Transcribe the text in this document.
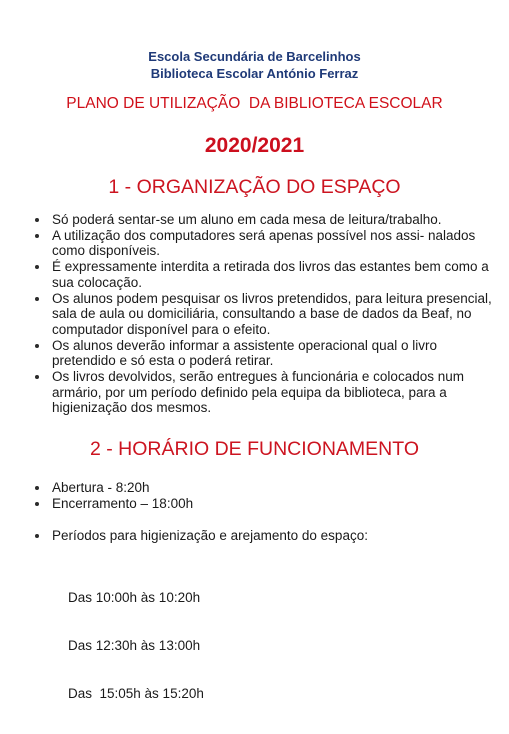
Escola Secundária de Barcelinhos
Biblioteca Escolar António Ferraz
PLANO DE UTILIZAÇÃO  DA BIBLIOTECA ESCOLAR
2020/2021
1 - ORGANIZAÇÃO DO ESPAÇO
Só poderá sentar-se um aluno em cada mesa de leitura/trabalho.
A utilização dos computadores será apenas possível nos assi- nalados como disponíveis.
É expressamente interdita a retirada dos livros das estantes bem como a sua colocação.
Os alunos podem pesquisar os livros pretendidos, para leitura presencial, sala de aula ou domiciliária, consultando a base de dados da Beaf, no computador disponível para o efeito.
Os alunos deverão informar a assistente operacional qual o livro pretendido e só esta o poderá retirar.
Os livros devolvidos, serão entregues à funcionária e colocados num armário, por um período definido pela equipa da biblioteca, para a higienização dos mesmos.
2 - HORÁRIO DE FUNCIONAMENTO
Abertura - 8:20h
Encerramento – 18:00h
Períodos para higienização e arejamento do espaço:

Das 10:00h às 10:20h

Das 12:30h às 13:00h

Das  15:05h às 15:20h
